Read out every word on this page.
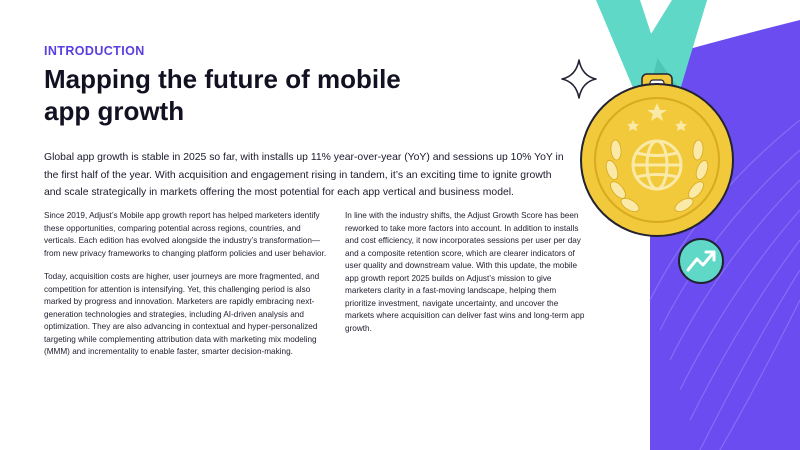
INTRODUCTION
Mapping the future of mobile app growth

Global app growth is stable in 2025 so far, with installs up 11% year-over-year (YoY) and sessions up 10% YoY in the first half of the year. With acquisition and engagement rising in tandem, it’s an exciting time to ignite growth and scale strategically in markets offering the most potential for each app vertical and business model.

Since 2019, Adjust’s Mobile app growth report has helped marketers identify these opportunities, comparing potential across regions, countries, and verticals. Each edition has evolved alongside the industry’s transformation—from new privacy frameworks to changing platform policies and user behavior.

Today, acquisition costs are higher, user journeys are more fragmented, and competition for attention is intensifying. Yet, this challenging period is also marked by progress and innovation. Marketers are rapidly embracing next-generation technologies and strategies, including AI-driven analysis and optimization. They are also advancing in contextual and hyper-personalized targeting while complementing attribution data with marketing mix modeling (MMM) and incrementality to enable faster, smarter decision-making.

In line with the industry shifts, the Adjust Growth Score has been reworked to take more factors into account. In addition to installs and cost efficiency, it now incorporates sessions per user per day and a composite retention score, which are clearer indicators of user quality and downstream value. With this update, the mobile app growth report 2025 builds on Adjust’s mission to give marketers clarity in a fast-moving landscape, helping them prioritize investment, navigate uncertainty, and uncover the markets where acquisition can deliver fast wins and long-term app growth.
